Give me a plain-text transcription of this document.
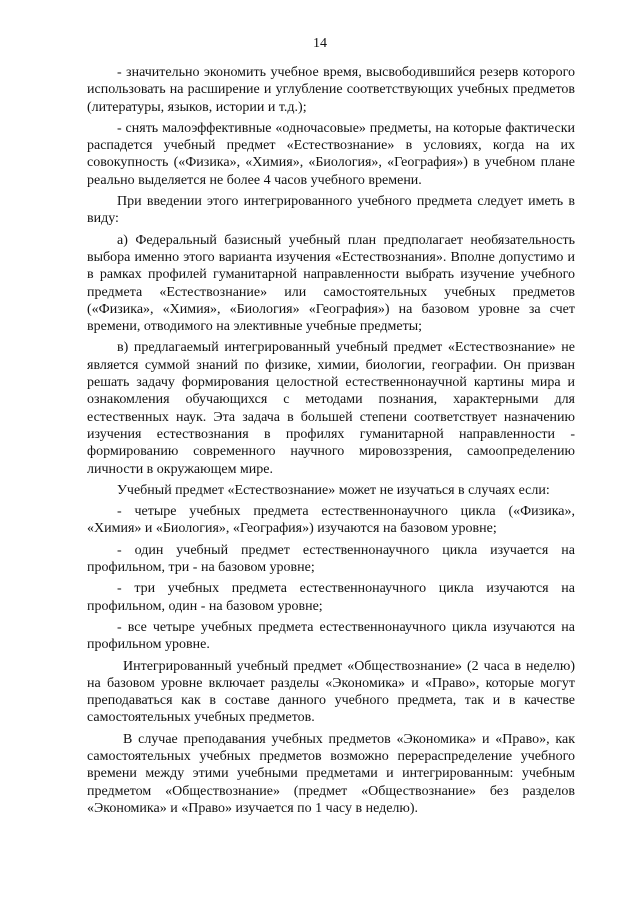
14

- значительно экономить учебное время, высвободившийся резерв которого использовать на расширение и углубление соответствующих учебных предметов (литературы, языков, истории и т.д.);

- снять малоэффективные «одночасовые» предметы, на которые фактически распадется учебный предмет «Естествознание» в условиях, когда на их совокупность («Физика», «Химия», «Биология», «География») в учебном плане реально выделяется не более 4 часов учебного времени.

При введении этого интегрированного учебного предмета следует иметь в виду:

а) Федеральный базисный учебный план предполагает необязательность выбора именно этого варианта изучения «Естествознания». Вполне допустимо и в рамках профилей гуманитарной направленности выбрать изучение учебного предмета «Естествознание» или самостоятельных учебных предметов («Физика», «Химия», «Биология» «География») на базовом уровне за счет времени, отводимого на элективные учебные предметы;

в) предлагаемый интегрированный учебный предмет «Естествознание» не является суммой знаний по физике, химии, биологии, географии. Он призван решать задачу формирования целостной естественнонаучной картины мира и ознакомления обучающихся с методами познания, характерными для естественных наук. Эта задача в большей степени соответствует назначению изучения естествознания в профилях гуманитарной направленности - формированию современного научного мировоззрения, самоопределению личности в окружающем мире.

Учебный предмет «Естествознание» может не изучаться в случаях если:

- четыре учебных предмета естественнонаучного цикла («Физика», «Химия» и «Биология», «География») изучаются на базовом уровне;

- один учебный предмет естественнонаучного цикла изучается на профильном, три - на базовом уровне;

- три учебных предмета естественнонаучного цикла изучаются на профильном, один - на базовом уровне;

- все четыре учебных предмета естественнонаучного цикла изучаются на профильном уровне.

Интегрированный учебный предмет «Обществознание» (2 часа в неделю) на базовом уровне включает разделы «Экономика» и «Право», которые могут преподаваться как в составе данного учебного предмета, так и в качестве самостоятельных учебных предметов.

В случае преподавания учебных предметов «Экономика» и «Право», как самостоятельных учебных предметов возможно перераспределение учебного времени между этими учебными предметами и интегрированным: учебным предметом «Обществознание» (предмет «Обществознание» без разделов «Экономика» и «Право» изучается по 1 часу в неделю).
